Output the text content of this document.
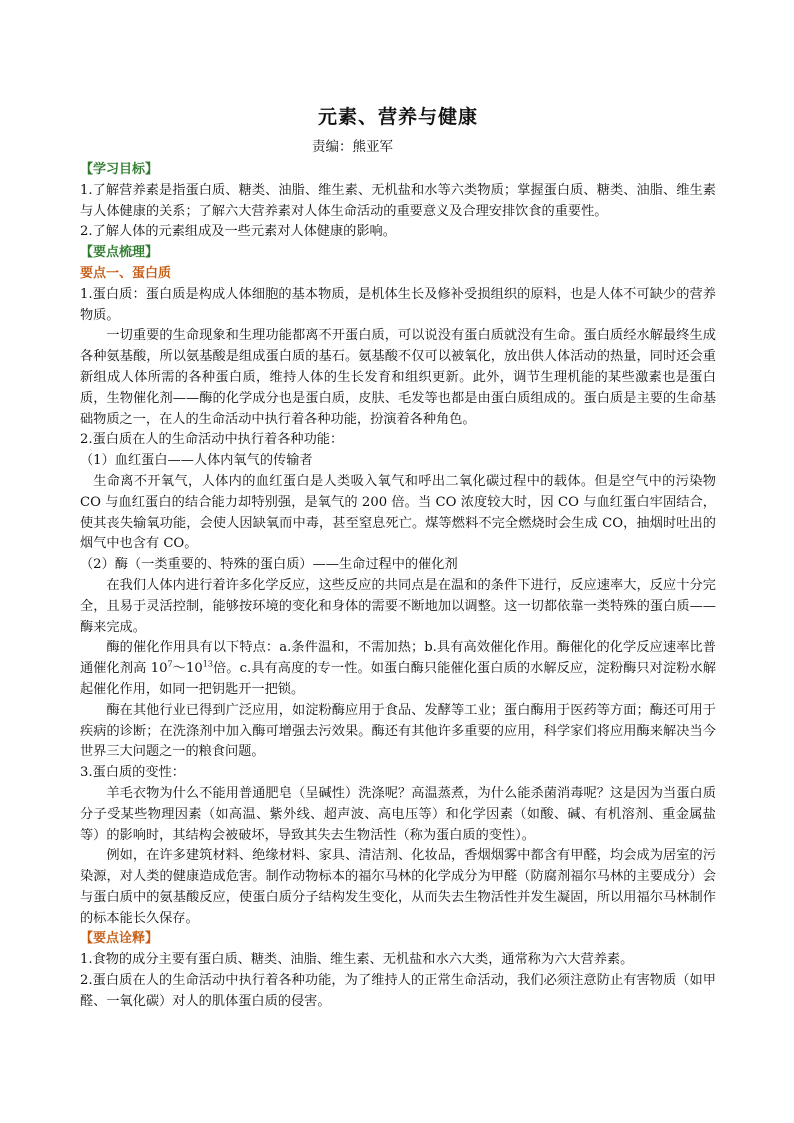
元素、营养与健康
责编：熊亚军

【学习目标】

1.了解营养素是指蛋白质、糖类、油脂、维生素、无机盐和水等六类物质；掌握蛋白质、糖类、油脂、维生素与人体健康的关系；了解六大营养素对人体生命活动的重要意义及合理安排饮食的重要性。

2.了解人体的元素组成及一些元素对人体健康的影响。

【要点梳理】

要点一、蛋白质

1.蛋白质：蛋白质是构成人体细胞的基本物质，是机体生长及修补受损组织的原料，也是人体不可缺少的营养物质。

一切重要的生命现象和生理功能都离不开蛋白质，可以说没有蛋白质就没有生命。蛋白质经水解最终生成各种氨基酸，所以氨基酸是组成蛋白质的基石。氨基酸不仅可以被氧化，放出供人体活动的热量，同时还会重新组成人体所需的各种蛋白质，维持人体的生长发育和组织更新。此外，调节生理机能的某些激素也是蛋白质，生物催化剂——酶的化学成分也是蛋白质，皮肤、毛发等也都是由蛋白质组成的。蛋白质是主要的生命基础物质之一，在人的生命活动中执行着各种功能，扮演着各种角色。

2.蛋白质在人的生命活动中执行着各种功能：

（1）血红蛋白——人体内氧气的传输者

生命离不开氧气，人体内的血红蛋白是人类吸入氧气和呼出二氧化碳过程中的载体。但是空气中的污染物 CO 与血红蛋白的结合能力却特别强，是氧气的 200 倍。当 CO 浓度较大时，因 CO 与血红蛋白牢固结合，使其丧失输氧功能，会使人因缺氧而中毒，甚至窒息死亡。煤等燃料不完全燃烧时会生成 CO，抽烟时吐出的烟气中也含有 CO。

（2）酶（一类重要的、特殊的蛋白质）——生命过程中的催化剂

在我们人体内进行着许多化学反应，这些反应的共同点是在温和的条件下进行，反应速率大，反应十分完全，且易于灵活控制，能够按环境的变化和身体的需要不断地加以调整。这一切都依靠一类特殊的蛋白质——酶来完成。

酶的催化作用具有以下特点：a.条件温和，不需加热；b.具有高效催化作用。酶催化的化学反应速率比普通催化剂高 $10^7\sim 10^{13}$倍。c.具有高度的专一性。如蛋白酶只能催化蛋白质的水解反应，淀粉酶只对淀粉水解起催化作用，如同一把钥匙开一把锁。

酶在其他行业已得到广泛应用，如淀粉酶应用于食品、发酵等工业；蛋白酶用于医药等方面；酶还可用于疾病的诊断；在洗涤剂中加入酶可增强去污效果。酶还有其他许多重要的应用，科学家们将应用酶来解决当今世界三大问题之一的粮食问题。

3.蛋白质的变性：

羊毛衣物为什么不能用普通肥皂（呈碱性）洗涤呢？高温蒸煮，为什么能杀菌消毒呢？这是因为当蛋白质分子受某些物理因素（如高温、紫外线、超声波、高电压等）和化学因素（如酸、碱、有机溶剂、重金属盐等）的影响时，其结构会被破坏，导致其失去生物活性（称为蛋白质的变性）。

例如，在许多建筑材料、绝缘材料、家具、清洁剂、化妆品，香烟烟雾中都含有甲醛，均会成为居室的污染源，对人类的健康造成危害。制作动物标本的福尔马林的化学成分为甲醛（防腐剂福尔马林的主要成分）会与蛋白质中的氨基酸反应，使蛋白质分子结构发生变化，从而失去生物活性并发生凝固，所以用福尔马林制作的标本能长久保存。

【要点诠释】

1.食物的成分主要有蛋白质、糖类、油脂、维生素、无机盐和水六大类，通常称为六大营养素。

2.蛋白质在人的生命活动中执行着各种功能，为了维持人的正常生命活动，我们必须注意防止有害物质（如甲醛、一氧化碳）对人的肌体蛋白质的侵害。
